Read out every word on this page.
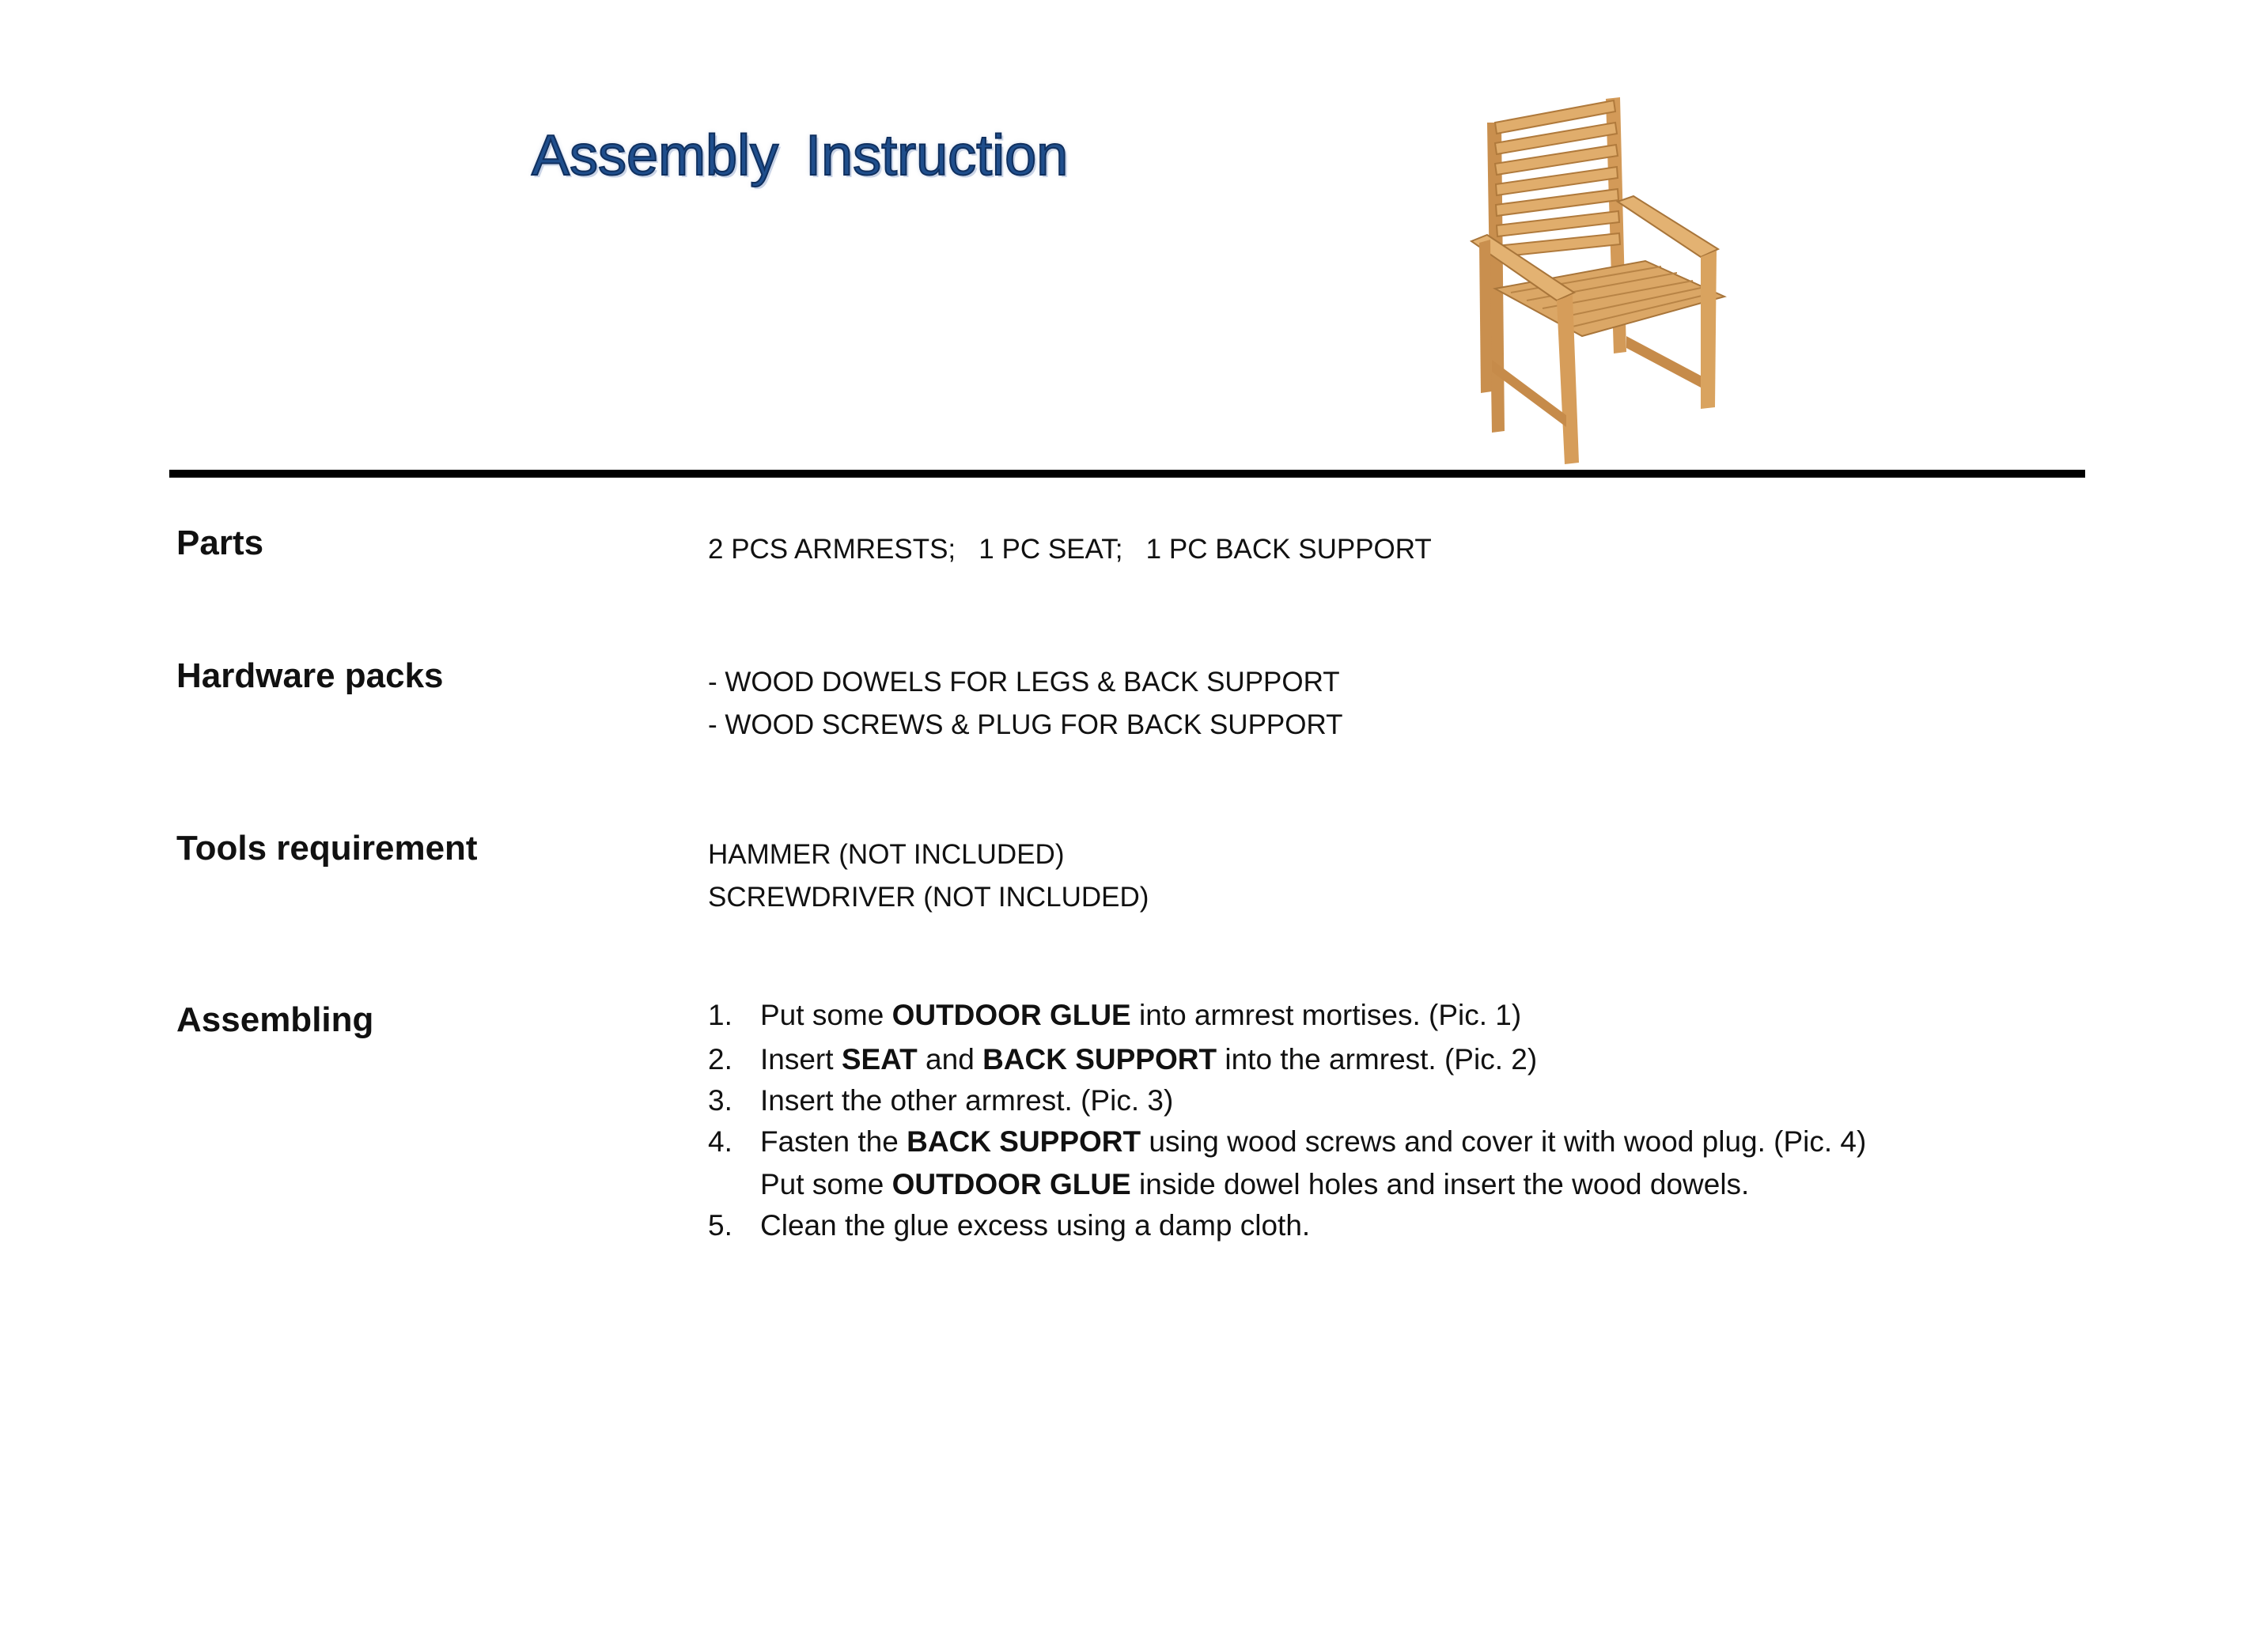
Assembly Instruction
Parts	2 PCS ARMRESTS;   1 PC SEAT;   1 PC BACK SUPPORT
Hardware packs	- WOOD DOWELS FOR LEGS & BACK SUPPORT
- WOOD SCREWS & PLUG FOR BACK SUPPORT
Tools requirement	HAMMER (NOT INCLUDED)
SCREWDRIVER (NOT INCLUDED)
Assembling	1. Put some OUTDOOR GLUE into armrest mortises. (Pic. 1)
2. Insert SEAT and BACK SUPPORT into the armrest. (Pic. 2)
3. Insert the other armrest. (Pic. 3)
4. Fasten the BACK SUPPORT using wood screws and cover it with wood plug. (Pic. 4)
Put some OUTDOOR GLUE inside dowel holes and insert the wood dowels.
5. Clean the glue excess using a damp cloth.
